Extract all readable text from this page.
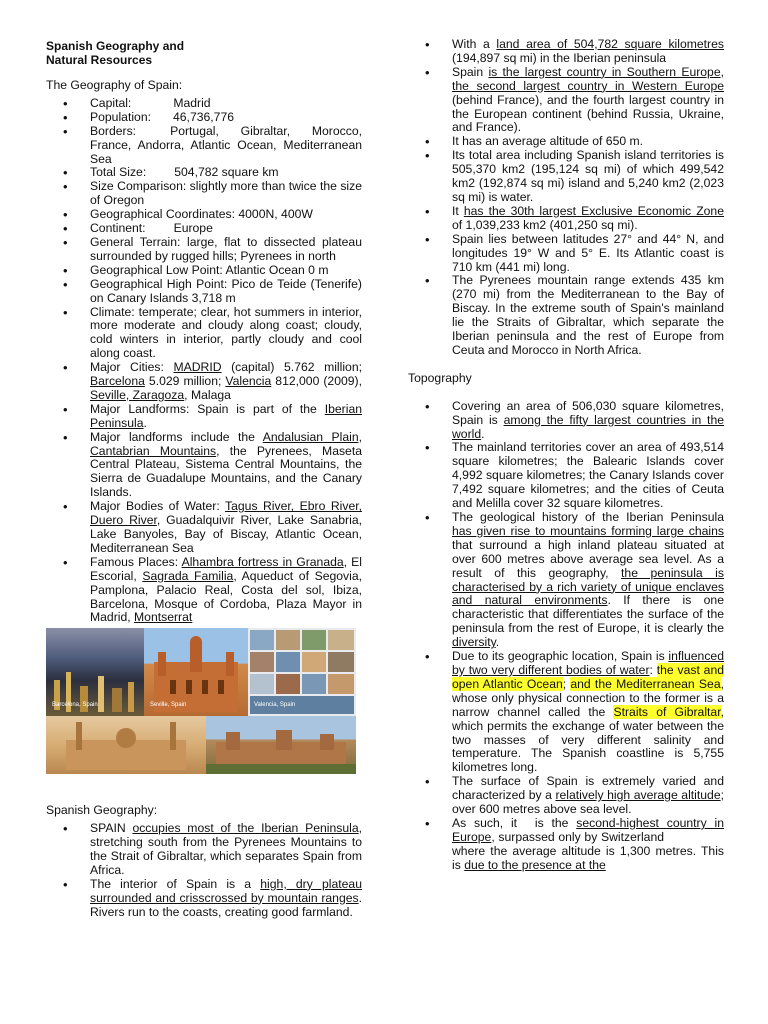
Spanish Geography and
Natural Resources
The Geography of Spain:
• Capital:	Madrid
• Population: 46,736,776
• Borders:	Portugal, Gibraltar, Morocco, France, Andorra, Atlantic Ocean, Mediterranean Sea
• Total Size: 504,782 square km
• Size Comparison: slightly more than twice the size of Oregon
• Geographical Coordinates: 4000N, 400W
• Continent: Europe
• General Terrain: large, flat to dissected plateau surrounded by rugged hills; Pyrenees in north
• Geographical Low Point: Atlantic Ocean 0 m
• Geographical High Point: Pico de Teide (Tenerife) on Canary Islands 3,718 m
• Climate: temperate; clear, hot summers in interior, more moderate and cloudy along coast; cloudy, cold winters in interior, partly cloudy and cool along coast.
• Major Cities: MADRID (capital) 5.762 million; Barcelona 5.029 million; Valencia 812,000 (2009), Seville, Zaragoza, Malaga
• Major Landforms: Spain is part of the Iberian Peninsula.
• Major landforms include the Andalusian Plain, Cantabrian Mountains, the Pyrenees, Maseta Central Plateau, Sistema Central Mountains, the Sierra de Guadalupe Mountains, and the Canary Islands.
• Major Bodies of Water: Tagus River, Ebro River, Duero River, Guadalquivir River, Lake Sanabria, Lake Banyoles, Bay of Biscay, Atlantic Ocean, Mediterranean Sea
• Famous Places: Alhambra fortress in Granada, El Escorial, Sagrada Familia, Aqueduct of Segovia, Pamplona, Palacio Real, Costa del sol, Ibiza, Barcelona, Mosque of Cordoba, Plaza Mayor in Madrid, Montserrat
Barcelona, Spain	Seville, Spain	Valencia, Spain
Spanish Geography:
• SPAIN occupies most of the Iberian Peninsula, stretching south from the Pyrenees Mountains to the Strait of Gibraltar, which separates Spain from Africa.
• The interior of Spain is a high, dry plateau surrounded and crisscrossed by mountain ranges. Rivers run to the coasts, creating good farmland.
• With a land area of 504,782 square kilometres (194,897 sq mi) in the Iberian peninsula
• Spain is the largest country in Southern Europe, the second largest country in Western Europe (behind France), and the fourth largest country in the European continent (behind Russia, Ukraine, and France).
• It has an average altitude of 650 m.
• Its total area including Spanish island territories is 505,370 km2 (195,124 sq mi) of which 499,542 km2 (192,874 sq mi) island and 5,240 km2 (2,023 sq mi) is water.
• It has the 30th largest Exclusive Economic Zone of 1,039,233 km2 (401,250 sq mi).
• Spain lies between latitudes 27° and 44° N, and longitudes 19° W and 5° E. Its Atlantic coast is 710 km (441 mi) long.
• The Pyrenees mountain range extends 435 km (270 mi) from the Mediterranean to the Bay of Biscay. In the extreme south of Spain's mainland lie the Straits of Gibraltar, which separate the Iberian peninsula and the rest of Europe from Ceuta and Morocco in North Africa.
Topography
• Covering an area of 506,030 square kilometres, Spain is among the fifty largest countries in the world.
• The mainland territories cover an area of 493,514 square kilometres; the Balearic Islands cover 4,992 square kilometres; the Canary Islands cover 7,492 square kilometres; and the cities of Ceuta and Melilla cover 32 square kilometres.
• The geological history of the Iberian Peninsula has given rise to mountains forming large chains that surround a high inland plateau situated at over 600 metres above average sea level. As a result of this geography, the peninsula is characterised by a rich variety of unique enclaves and natural environments. If there is one characteristic that differentiates the surface of the peninsula from the rest of Europe, it is clearly the diversity.
• Due to its geographic location, Spain is influenced by two very different bodies of water: the vast and open Atlantic Ocean; and the Mediterranean Sea, whose only physical connection to the former is a narrow channel called the Straits of Gibraltar, which permits the exchange of water between the two masses of very different salinity and temperature. The Spanish coastline is 5,755 kilometres long.
• The surface of Spain is extremely varied and characterized by a relatively high average altitude; over 600 metres above sea level.
• As such, it is the second-highest country in Europe, surpassed only by Switzerlandwhere the average altitude is 1,300 metres. This is due to the presence at the
